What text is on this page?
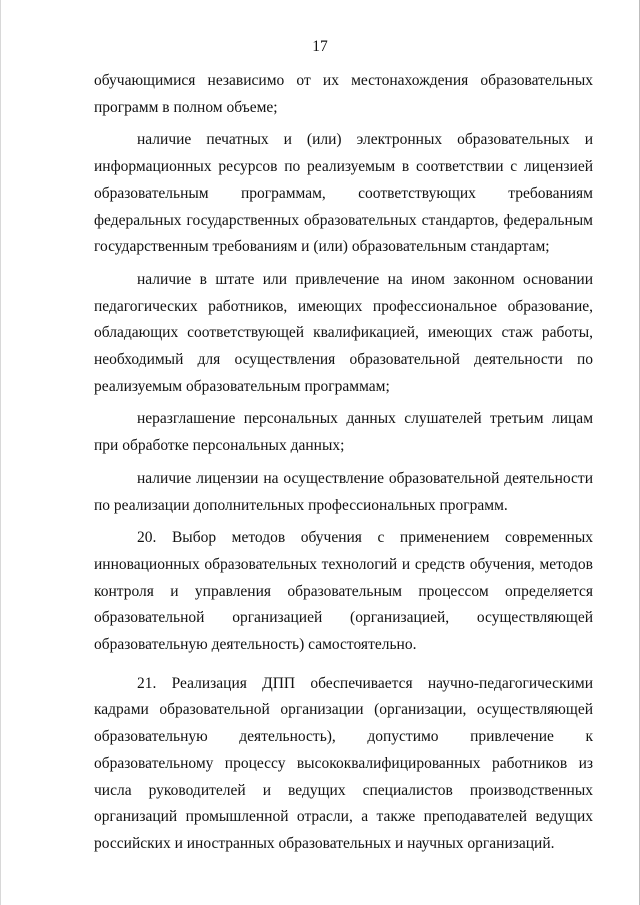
17

обучающимися независимо от их местонахождения образовательных программ в полном объеме;

наличие печатных и (или) электронных образовательных и информационных ресурсов по реализуемым в соответствии с лицензией образовательным программам, соответствующих требованиям федеральных государственных образовательных стандартов, федеральным государственным требованиям и (или) образовательным стандартам;

наличие в штате или привлечение на ином законном основании педагогических работников, имеющих профессиональное образование, обладающих соответствующей квалификацией, имеющих стаж работы, необходимый для осуществления образовательной деятельности по реализуемым образовательным программам;

неразглашение персональных данных слушателей третьим лицам при обработке персональных данных;

наличие лицензии на осуществление образовательной деятельности по реализации дополнительных профессиональных программ.

20. Выбор методов обучения с применением современных инновационных образовательных технологий и средств обучения, методов контроля и управления образовательным процессом определяется образовательной организацией (организацией, осуществляющей образовательную деятельность) самостоятельно.

21. Реализация ДПП обеспечивается научно-педагогическими кадрами образовательной организации (организации, осуществляющей образовательную деятельность), допустимо привлечение к образовательному процессу высококвалифицированных работников из числа руководителей и ведущих специалистов производственных организаций промышленной отрасли, а также преподавателей ведущих российских и иностранных образовательных и научных организаций.
